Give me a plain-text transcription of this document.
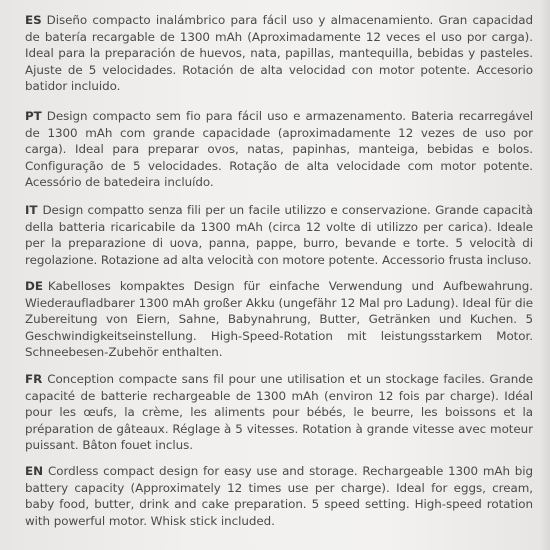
ES Diseño compacto inalámbrico para fácil uso y almacenamiento. Gran capacidad de batería recargable de 1300 mAh (Aproximadamente 12 veces el uso por carga). Ideal para la preparación de huevos, nata, papillas, mantequilla, bebidas y pasteles. Ajuste de 5 velocidades. Rotación de alta velocidad con motor potente. Accesorio batidor incluido.

PT Design compacto sem fio para fácil uso e armazenamento. Bateria recarregável de 1300 mAh com grande capacidade (aproximadamente 12 vezes de uso por carga). Ideal para preparar ovos, natas, papinhas, manteiga, bebidas e bolos. Configuração de 5 velocidades. Rotação de alta velocidade com motor potente. Acessório de batedeira incluído.

IT Design compatto senza fili per un facile utilizzo e conservazione. Grande capacità della batteria ricaricabile da 1300 mAh (circa 12 volte di utilizzo per carica). Ideale per la preparazione di uova, panna, pappe, burro, bevande e torte. 5 velocità di regolazione. Rotazione ad alta velocità con motore potente. Accessorio frusta incluso.

DE Kabelloses kompaktes Design für einfache Verwendung und Aufbewahrung. Wiederaufladbarer 1300 mAh großer Akku (ungefähr 12 Mal pro Ladung). Ideal für die Zubereitung von Eiern, Sahne, Babynahrung, Butter, Getränken und Kuchen. 5 Geschwindigkeitseinstellung. High-Speed-Rotation mit leistungsstarkem Motor. Schneebesen-Zubehör enthalten.

FR Conception compacte sans fil pour une utilisation et un stockage faciles. Grande capacité de batterie rechargeable de 1300 mAh (environ 12 fois par charge). Idéal pour les œufs, la crème, les aliments pour bébés, le beurre, les boissons et la préparation de gâteaux. Réglage à 5 vitesses. Rotation à grande vitesse avec moteur puissant. Bâton fouet inclus.

EN Cordless compact design for easy use and storage. Rechargeable 1300 mAh big battery capacity (Approximately 12 times use per charge). Ideal for eggs, cream, baby food, butter, drink and cake preparation. 5 speed setting. High-speed rotation with powerful motor. Whisk stick included.
